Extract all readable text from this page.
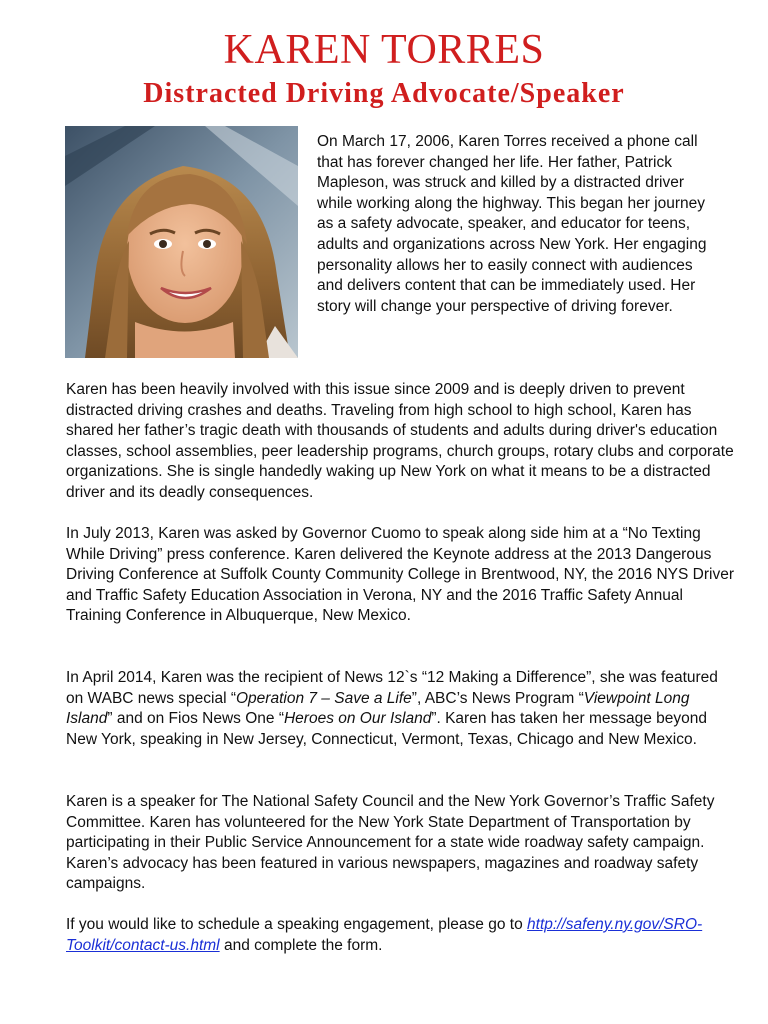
KAREN TORRES
Distracted Driving Advocate/Speaker

On March 17, 2006, Karen Torres received a phone call that has forever changed her life. Her father, Patrick Mapleson, was struck and killed by a distracted driver while working along the highway. This began her journey as a safety advocate, speaker, and educator for teens, adults and organizations across New York. Her engaging personality allows her to easily connect with audiences and delivers content that can be immediately used. Her story will change your perspective of driving forever.

Karen has been heavily involved with this issue since 2009 and is deeply driven to prevent distracted driving crashes and deaths. Traveling from high school to high school, Karen has shared her father’s tragic death with thousands of students and adults during driver's education classes, school assemblies, peer leadership programs, church groups, rotary clubs and corporate organizations. She is single handedly waking up New York on what it means to be a distracted driver and its deadly consequences.

In July 2013, Karen was asked by Governor Cuomo to speak along side him at a “No Texting While Driving” press conference. Karen delivered the Keynote address at the 2013 Dangerous Driving Conference at Suffolk County Community College in Brentwood, NY, the 2016 NYS Driver and Traffic Safety Education Association in Verona, NY and the 2016 Traffic Safety Annual Training Conference in Albuquerque, New Mexico.

In April 2014, Karen was the recipient of News 12`s “12 Making a Difference”, she was featured on WABC news special “Operation 7 – Save a Life”, ABC’s News Program “Viewpoint Long Island” and on Fios News One “Heroes on Our Island”. Karen has taken her message beyond New York, speaking in New Jersey, Connecticut, Vermont, Texas, Chicago and New Mexico.

Karen is a speaker for The National Safety Council and the New York Governor’s Traffic Safety Committee. Karen has volunteered for the New York State Department of Transportation by participating in their Public Service Announcement for a state wide roadway safety campaign. Karen’s advocacy has been featured in various newspapers, magazines and roadway safety campaigns.

If you would like to schedule a speaking engagement, please go to http://safeny.ny.gov/SRO-Toolkit/contact-us.html and complete the form.
